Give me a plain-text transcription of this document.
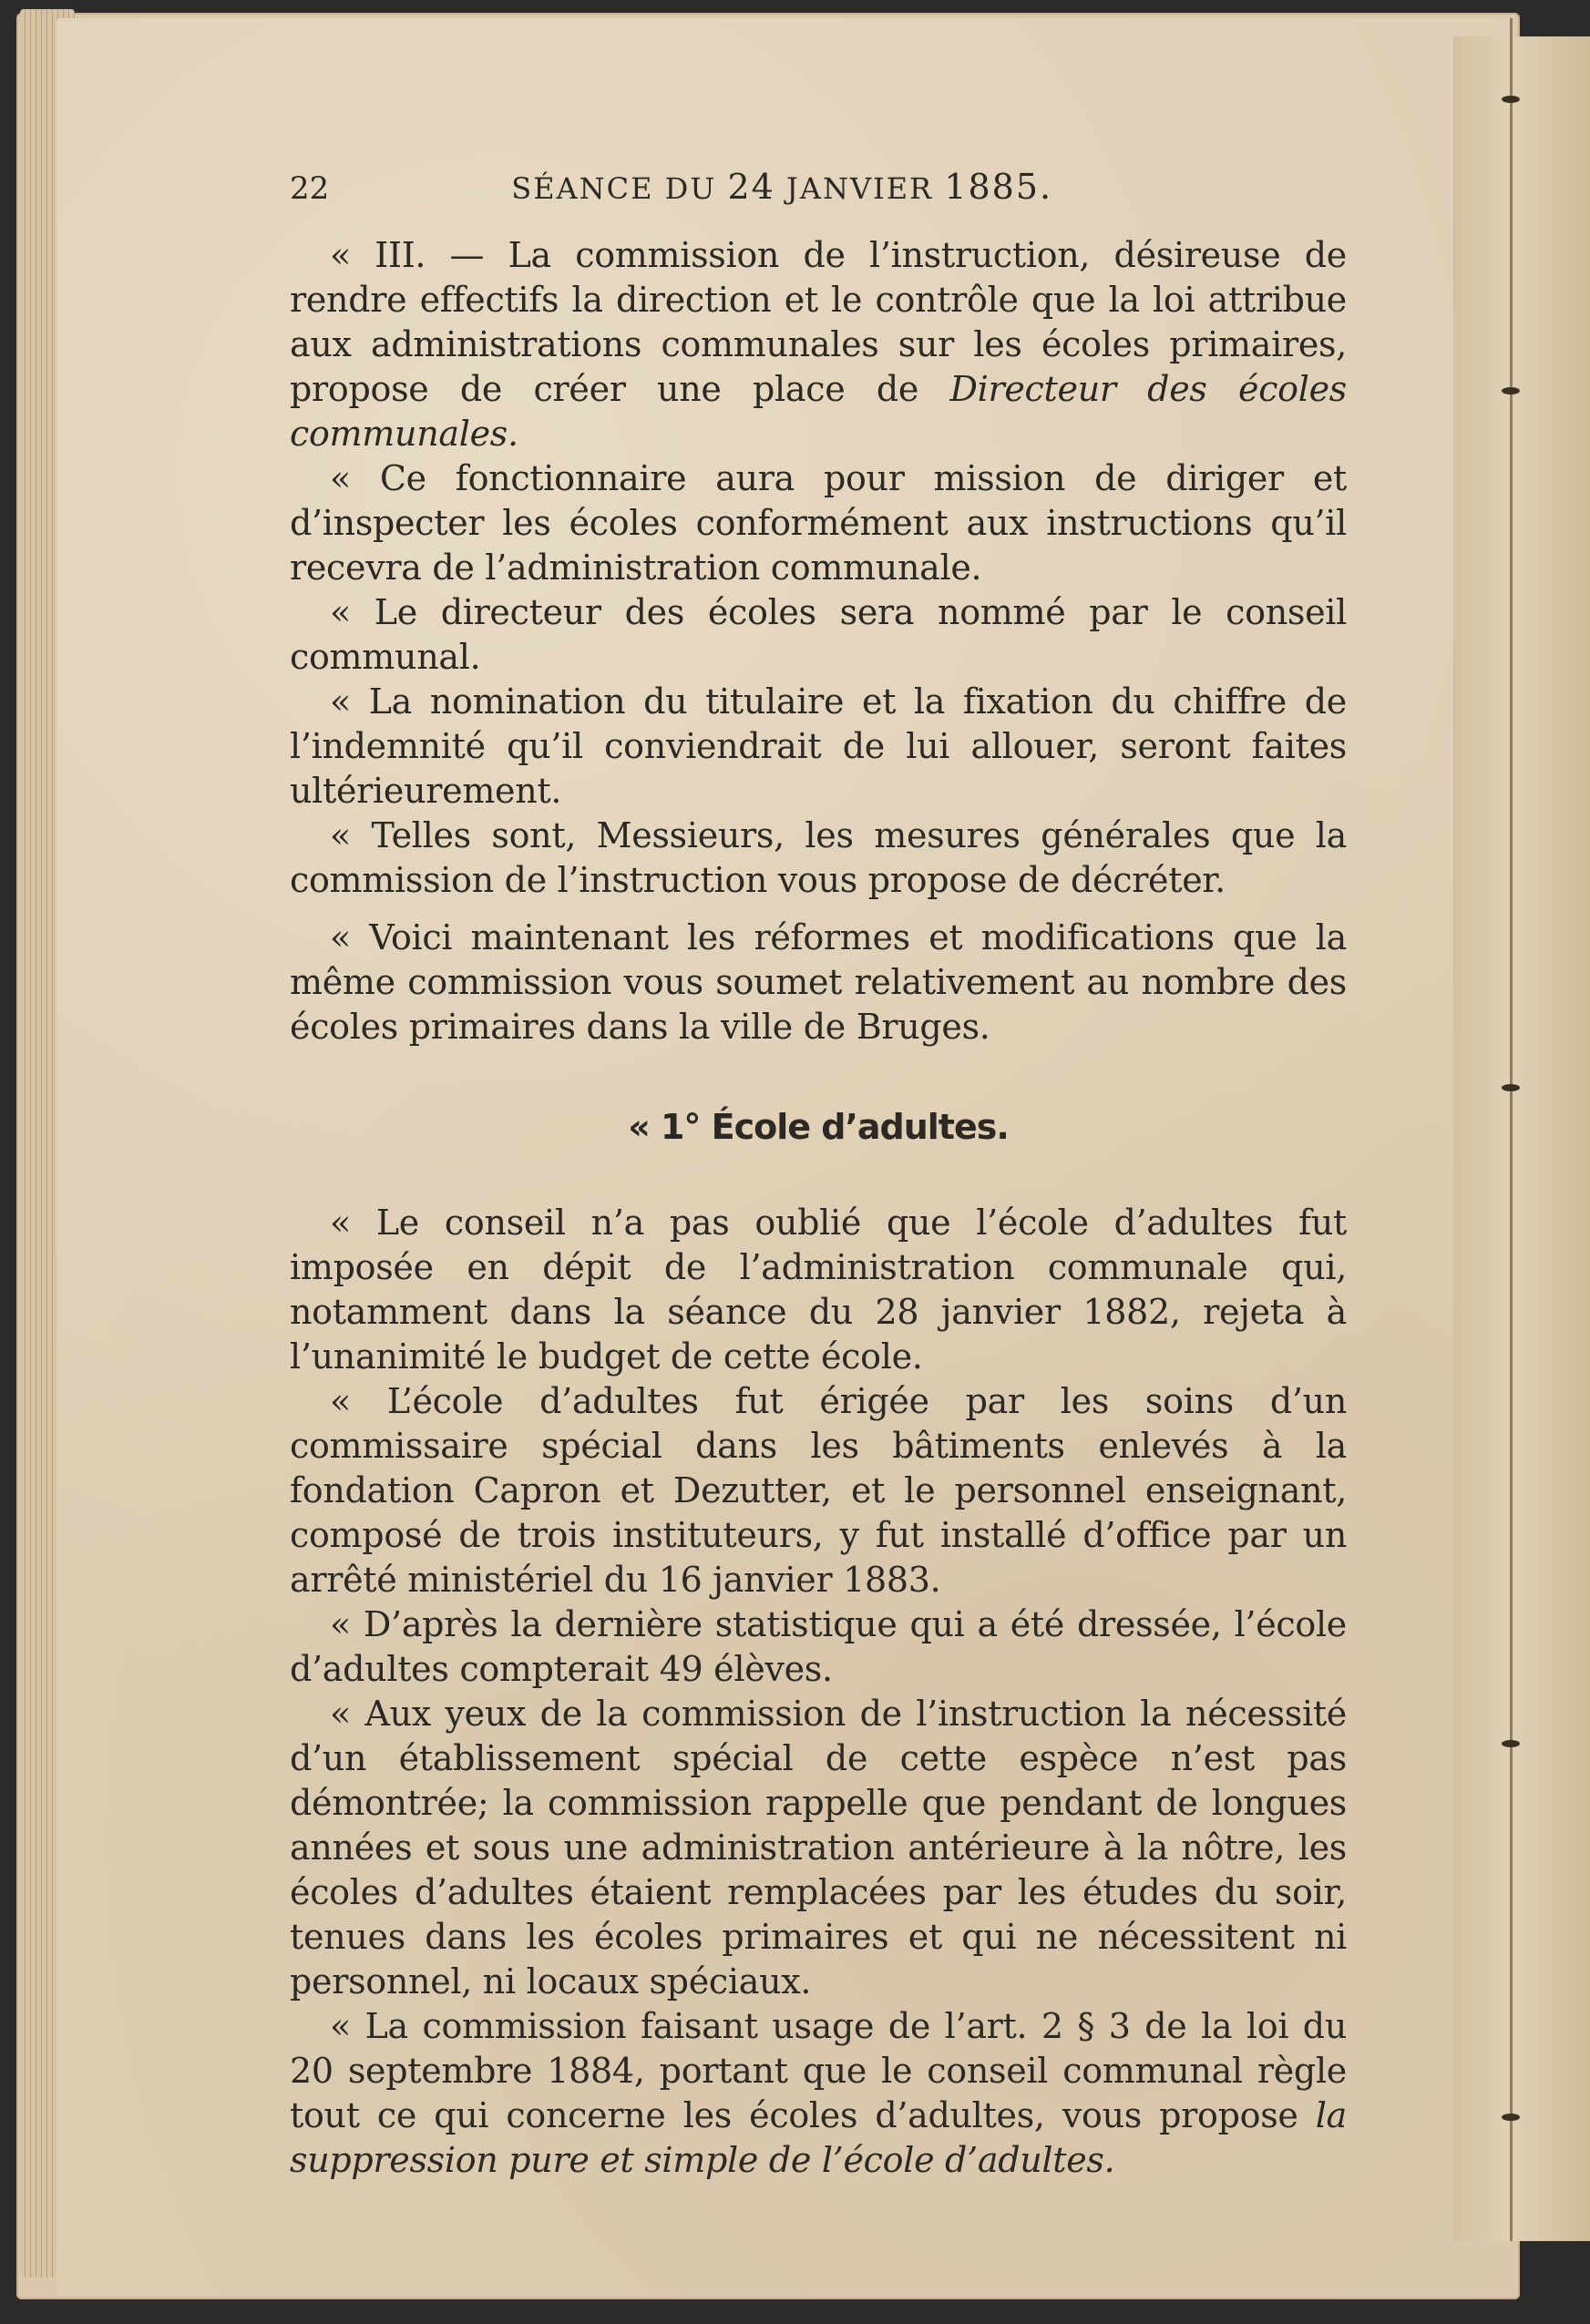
22	SÉANCE DU 24 JANVIER 1885.

« III. — La commission de l’instruction, désireuse de rendre effectifs la direction et le contrôle que la loi attribue aux administrations communales sur les écoles primaires, propose de créer une place de Directeur des écoles communales.

« Ce fonctionnaire aura pour mission de diriger et d’inspecter les écoles conformément aux instructions qu’il recevra de l’administration communale.

« Le directeur des écoles sera nommé par le conseil communal.

« La nomination du titulaire et la fixation du chiffre de l’indemnité qu’il conviendrait de lui allouer, seront faites ultérieurement.

« Telles sont, Messieurs, les mesures générales que la commission de l’instruction vous propose de décréter.

« Voici maintenant les réformes et modifications que la même commission vous soumet relativement au nombre des écoles primaires dans la ville de Bruges.

« 1° École d’adultes.

« Le conseil n’a pas oublié que l’école d’adultes fut imposée en dépit de l’administration communale qui, notamment dans la séance du 28 janvier 1882, rejeta à l’unanimité le budget de cette école.

« L’école d’adultes fut érigée par les soins d’un commissaire spécial dans les bâtiments enlevés à la fondation Capron et Dezutter, et le personnel enseignant, composé de trois instituteurs, y fut installé d’office par un arrêté ministériel du 16 janvier 1883.

« D’après la dernière statistique qui a été dressée, l’école d’adultes compterait 49 élèves.

« Aux yeux de la commission de l’instruction la nécessité d’un établissement spécial de cette espèce n’est pas démontrée; la commission rappelle que pendant de longues années et sous une administration antérieure à la nôtre, les écoles d’adultes étaient remplacées par les études du soir, tenues dans les écoles primaires et qui ne nécessitent ni personnel, ni locaux spéciaux.

« La commission faisant usage de l’art. 2 § 3 de la loi du 20 septembre 1884, portant que le conseil communal règle tout ce qui concerne les écoles d’adultes, vous propose la suppression pure et simple de l’école d’adultes.
